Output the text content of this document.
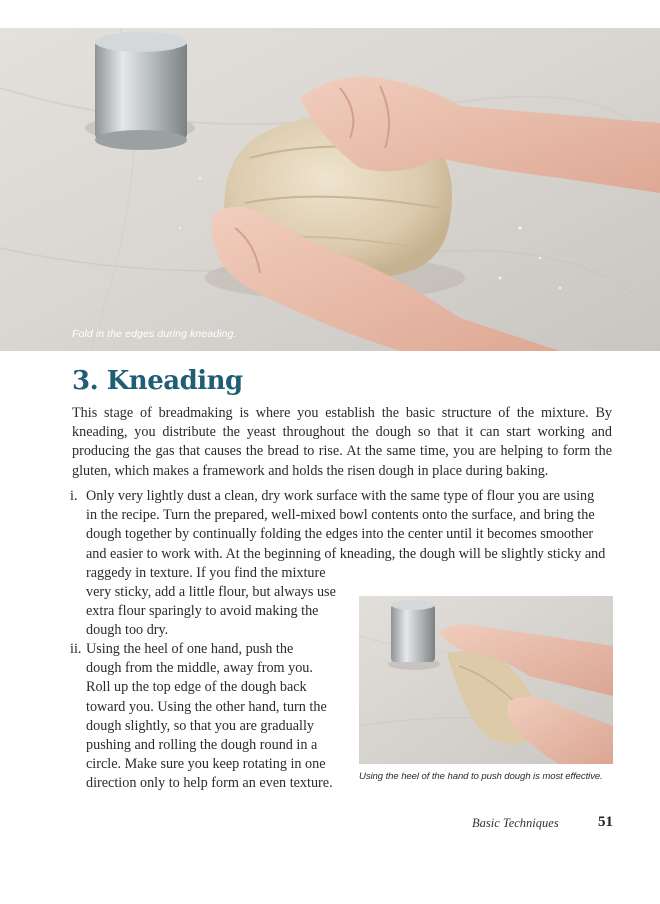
Fold in the edges during kneading.
3. Kneading

This stage of breadmaking is where you establish the basic structure of the mixture. By kneading, you distribute the yeast throughout the dough so that it can start working and producing the gas that causes the bread to rise. At the same time, you are helping to form the gluten, which makes a framework and holds the risen dough in place during baking.

i. Only very lightly dust a clean, dry work surface with the same type of flour you are using
in the recipe. Turn the prepared, well-mixed bowl contents onto the surface, and bring the
dough together by continually folding the edges into the center until it becomes smoother
and easier to work with. At the beginning of kneading, the dough will be slightly sticky and
raggedy in texture. If you find the mixture
very sticky, add a little flour, but always use
extra flour sparingly to avoid making the
dough too dry.
ii. Using the heel of one hand, push the
dough from the middle, away from you.
Roll up the top edge of the dough back
toward you. Using the other hand, turn the
dough slightly, so that you are gradually
pushing and rolling the dough round in a
circle. Make sure you keep rotating in one
direction only to help form an even texture.	Using the heel of the hand to push dough is most effective.
Basic Techniques	51
